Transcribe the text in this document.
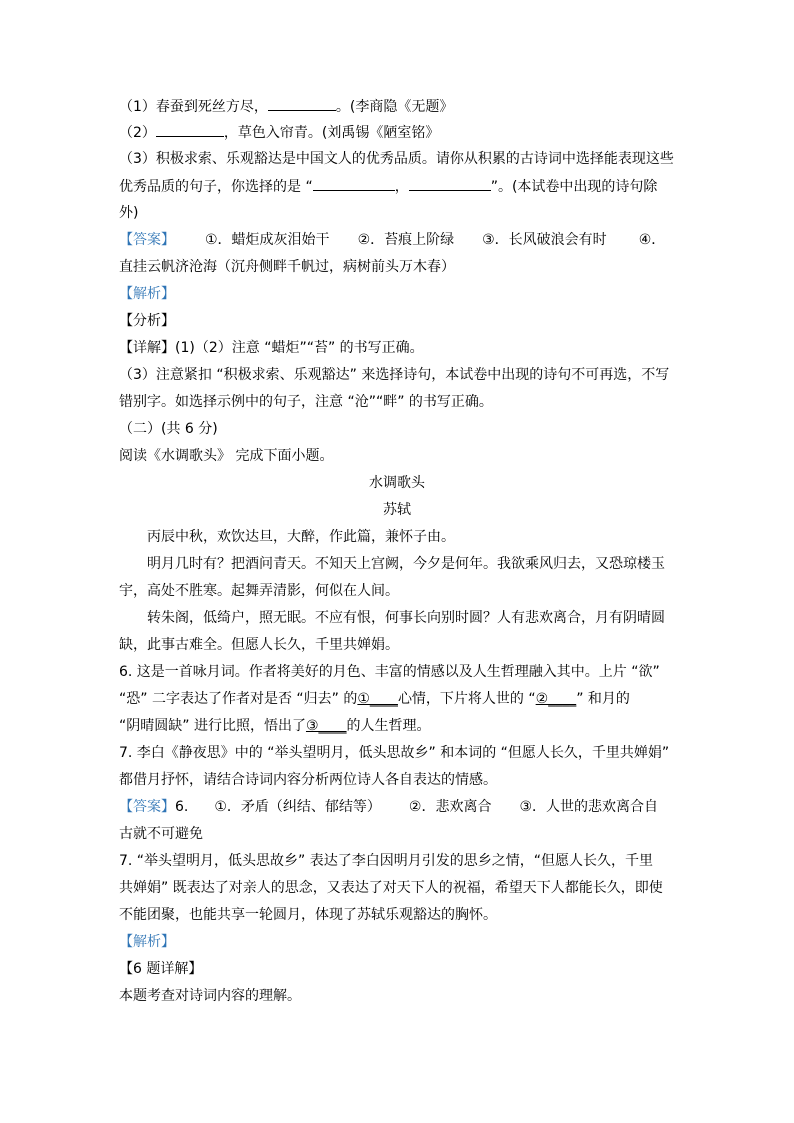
（1）春蚕到死丝方尽，	。(李商隐《无题》
（2）	，草色入帘青。(刘禹锡《陋室铭》
（3）积极求索、乐观豁达是中国文人的优秀品质。请你从积累的古诗词中选择能表现这些
优秀品质的句子，你选择的是 “	，	”。(本试卷中出现的诗句除
外)
【答案】 ①．蜡炬成灰泪始干 ②．苔痕上阶绿 ③．长风破浪会有时 ④．
直挂云帆济沧海（沉舟侧畔千帆过，病树前头万木春）
【解析】
【分析】
【详解】(1)（2）注意 “蜡炬”“苔” 的书写正确。
（3）注意紧扣 “积极求索、乐观豁达” 来选择诗句，本试卷中出现的诗句不可再选，不写
错别字。如选择示例中的句子，注意 “沧”“畔” 的书写正确。
（二）(共 6 分)
阅读《水调歌头》 完成下面小题。
水调歌头
苏轼
丙辰中秋，欢饮达旦，大醉，作此篇，兼怀子由。
明月几时有？把酒问青天。不知天上宫阙，今夕是何年。我欲乘风归去，又恐琼楼玉
宇，高处不胜寒。起舞弄清影，何似在人间。
转朱阁，低绮户，照无眠。不应有恨，何事长向别时圆？人有悲欢离合，月有阴晴圆
缺，此事古难全。但愿人长久，千里共婵娟。
6. 这是一首咏月词。作者将美好的月色、丰富的情感以及人生哲理融入其中。上片 “欲”
“恐” 二字表达了作者对是否 “归去” 的①____心情，下片将人世的 “②____” 和月的
“阴晴圆缺” 进行比照，悟出了③____的人生哲理。
7. 李白《静夜思》中的 “举头望明月，低头思故乡” 和本词的 “但愿人长久，千里共婵娟”
都借月抒怀，请结合诗词内容分析两位诗人各自表达的情感。
【答案】6. ①．矛盾（纠结、郁结等） ②．悲欢离合 ③．人世的悲欢离合自
古就不可避免
7. “举头望明月，低头思故乡” 表达了李白因明月引发的思乡之情，“但愿人长久，千里
共婵娟” 既表达了对亲人的思念，又表达了对天下人的祝福，希望天下人都能长久，即使
不能团聚，也能共享一轮圆月，体现了苏轼乐观豁达的胸怀。
【解析】
【6 题详解】
本题考查对诗词内容的理解。
